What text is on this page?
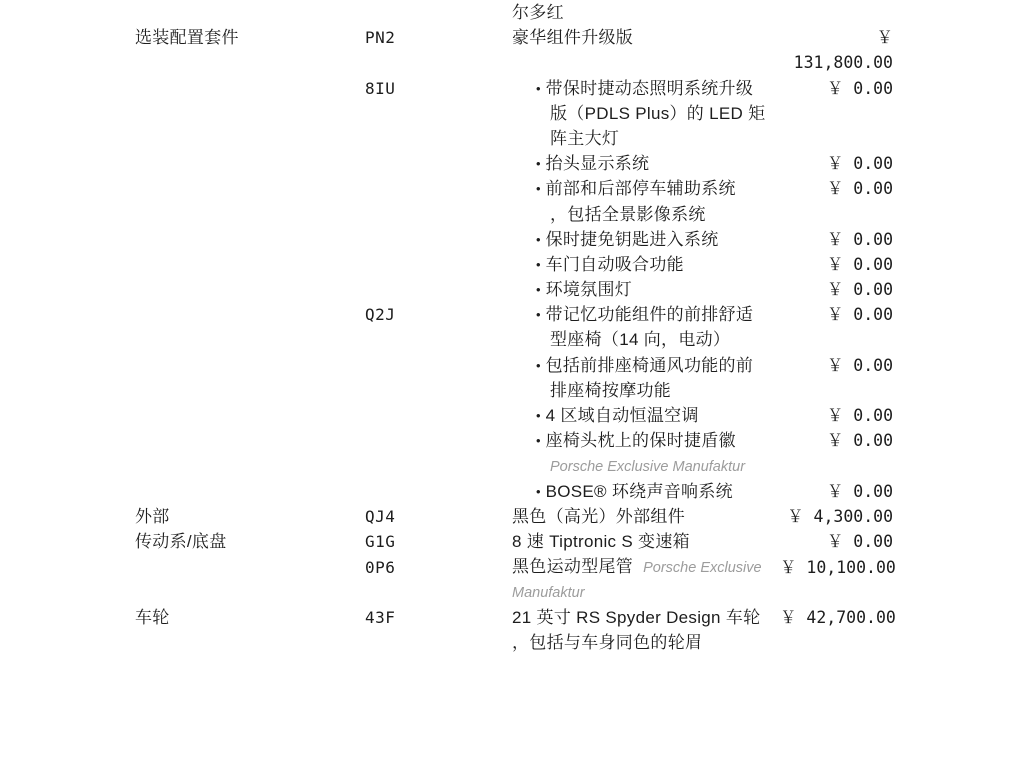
尔多红
选装配置套件	PN2	豪华组件升级版	￥
131,800.00
8IU	• 带保时捷动态照明系统升级	￥ 0.00
版（PDLS Plus）的 LED 矩
阵主大灯
• 抬头显示系统	￥ 0.00
• 前部和后部停车辅助系统	￥ 0.00
，包括全景影像系统
• 保时捷免钥匙进入系统	￥ 0.00
• 车门自动吸合功能	￥ 0.00
• 环境氛围灯	￥ 0.00
Q2J	• 带记忆功能组件的前排舒适	￥ 0.00
型座椅（14 向，电动）
• 包括前排座椅通风功能的前	￥ 0.00
排座椅按摩功能
• 4 区域自动恒温空调	￥ 0.00
• 座椅头枕上的保时捷盾徽	￥ 0.00
Porsche Exclusive Manufaktur
• BOSE® 环绕声音响系统	￥ 0.00
外部	QJ4	黑色（高光）外部组件	￥ 4,300.00
传动系/底盘	G1G	8 速 Tiptronic S 变速箱	￥ 0.00
0P6	黑色运动型尾管 Porsche Exclusive	￥ 10,100.00
Manufaktur
车轮	43F	21 英寸 RS Spyder Design 车轮	￥ 42,700.00
，包括与车身同色的轮眉
